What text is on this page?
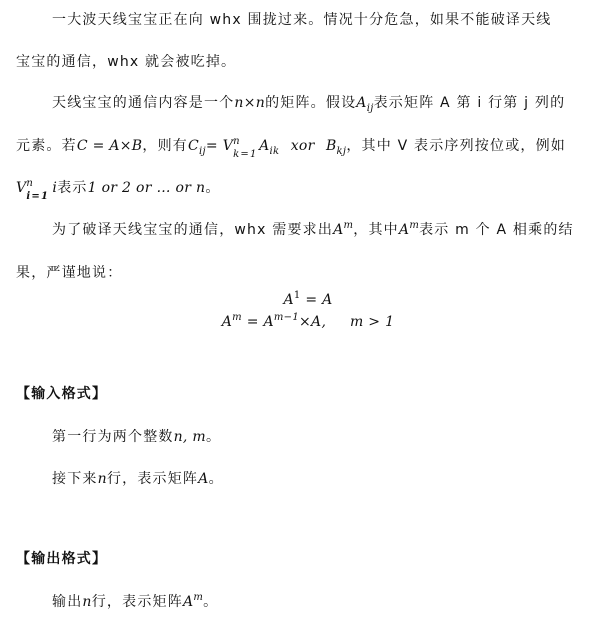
一大波天线宝宝正在向 whx 围拢过来。情况十分危急，如果不能破译天线
宝宝的通信，whx 就会被吃掉。
天线宝宝的通信内容是一个n×n的矩阵。假设$A_{ij}$表示矩阵 A 第 i 行第 j 列的
元素。若C = A×B，则有$C_{ij}= V$ n
k=1
$A_{ik}$ xor $B_{kj}$，其中 V 表示序列按位或，例如
V n
i=1
i表示1 or 2 or … or n。
为了破译天线宝宝的通信，whx 需要求出$A^m$，其中$A^m$表示 m 个 A 相乘的结
果，严谨地说：
$A^1 = A$
$A^m = A^{m-1}\times A$,     m > 1
【输入格式】
第一行为两个整数n, m。
接下来n行，表示矩阵A。
【输出格式】
输出n行，表示矩阵$A^m$。
